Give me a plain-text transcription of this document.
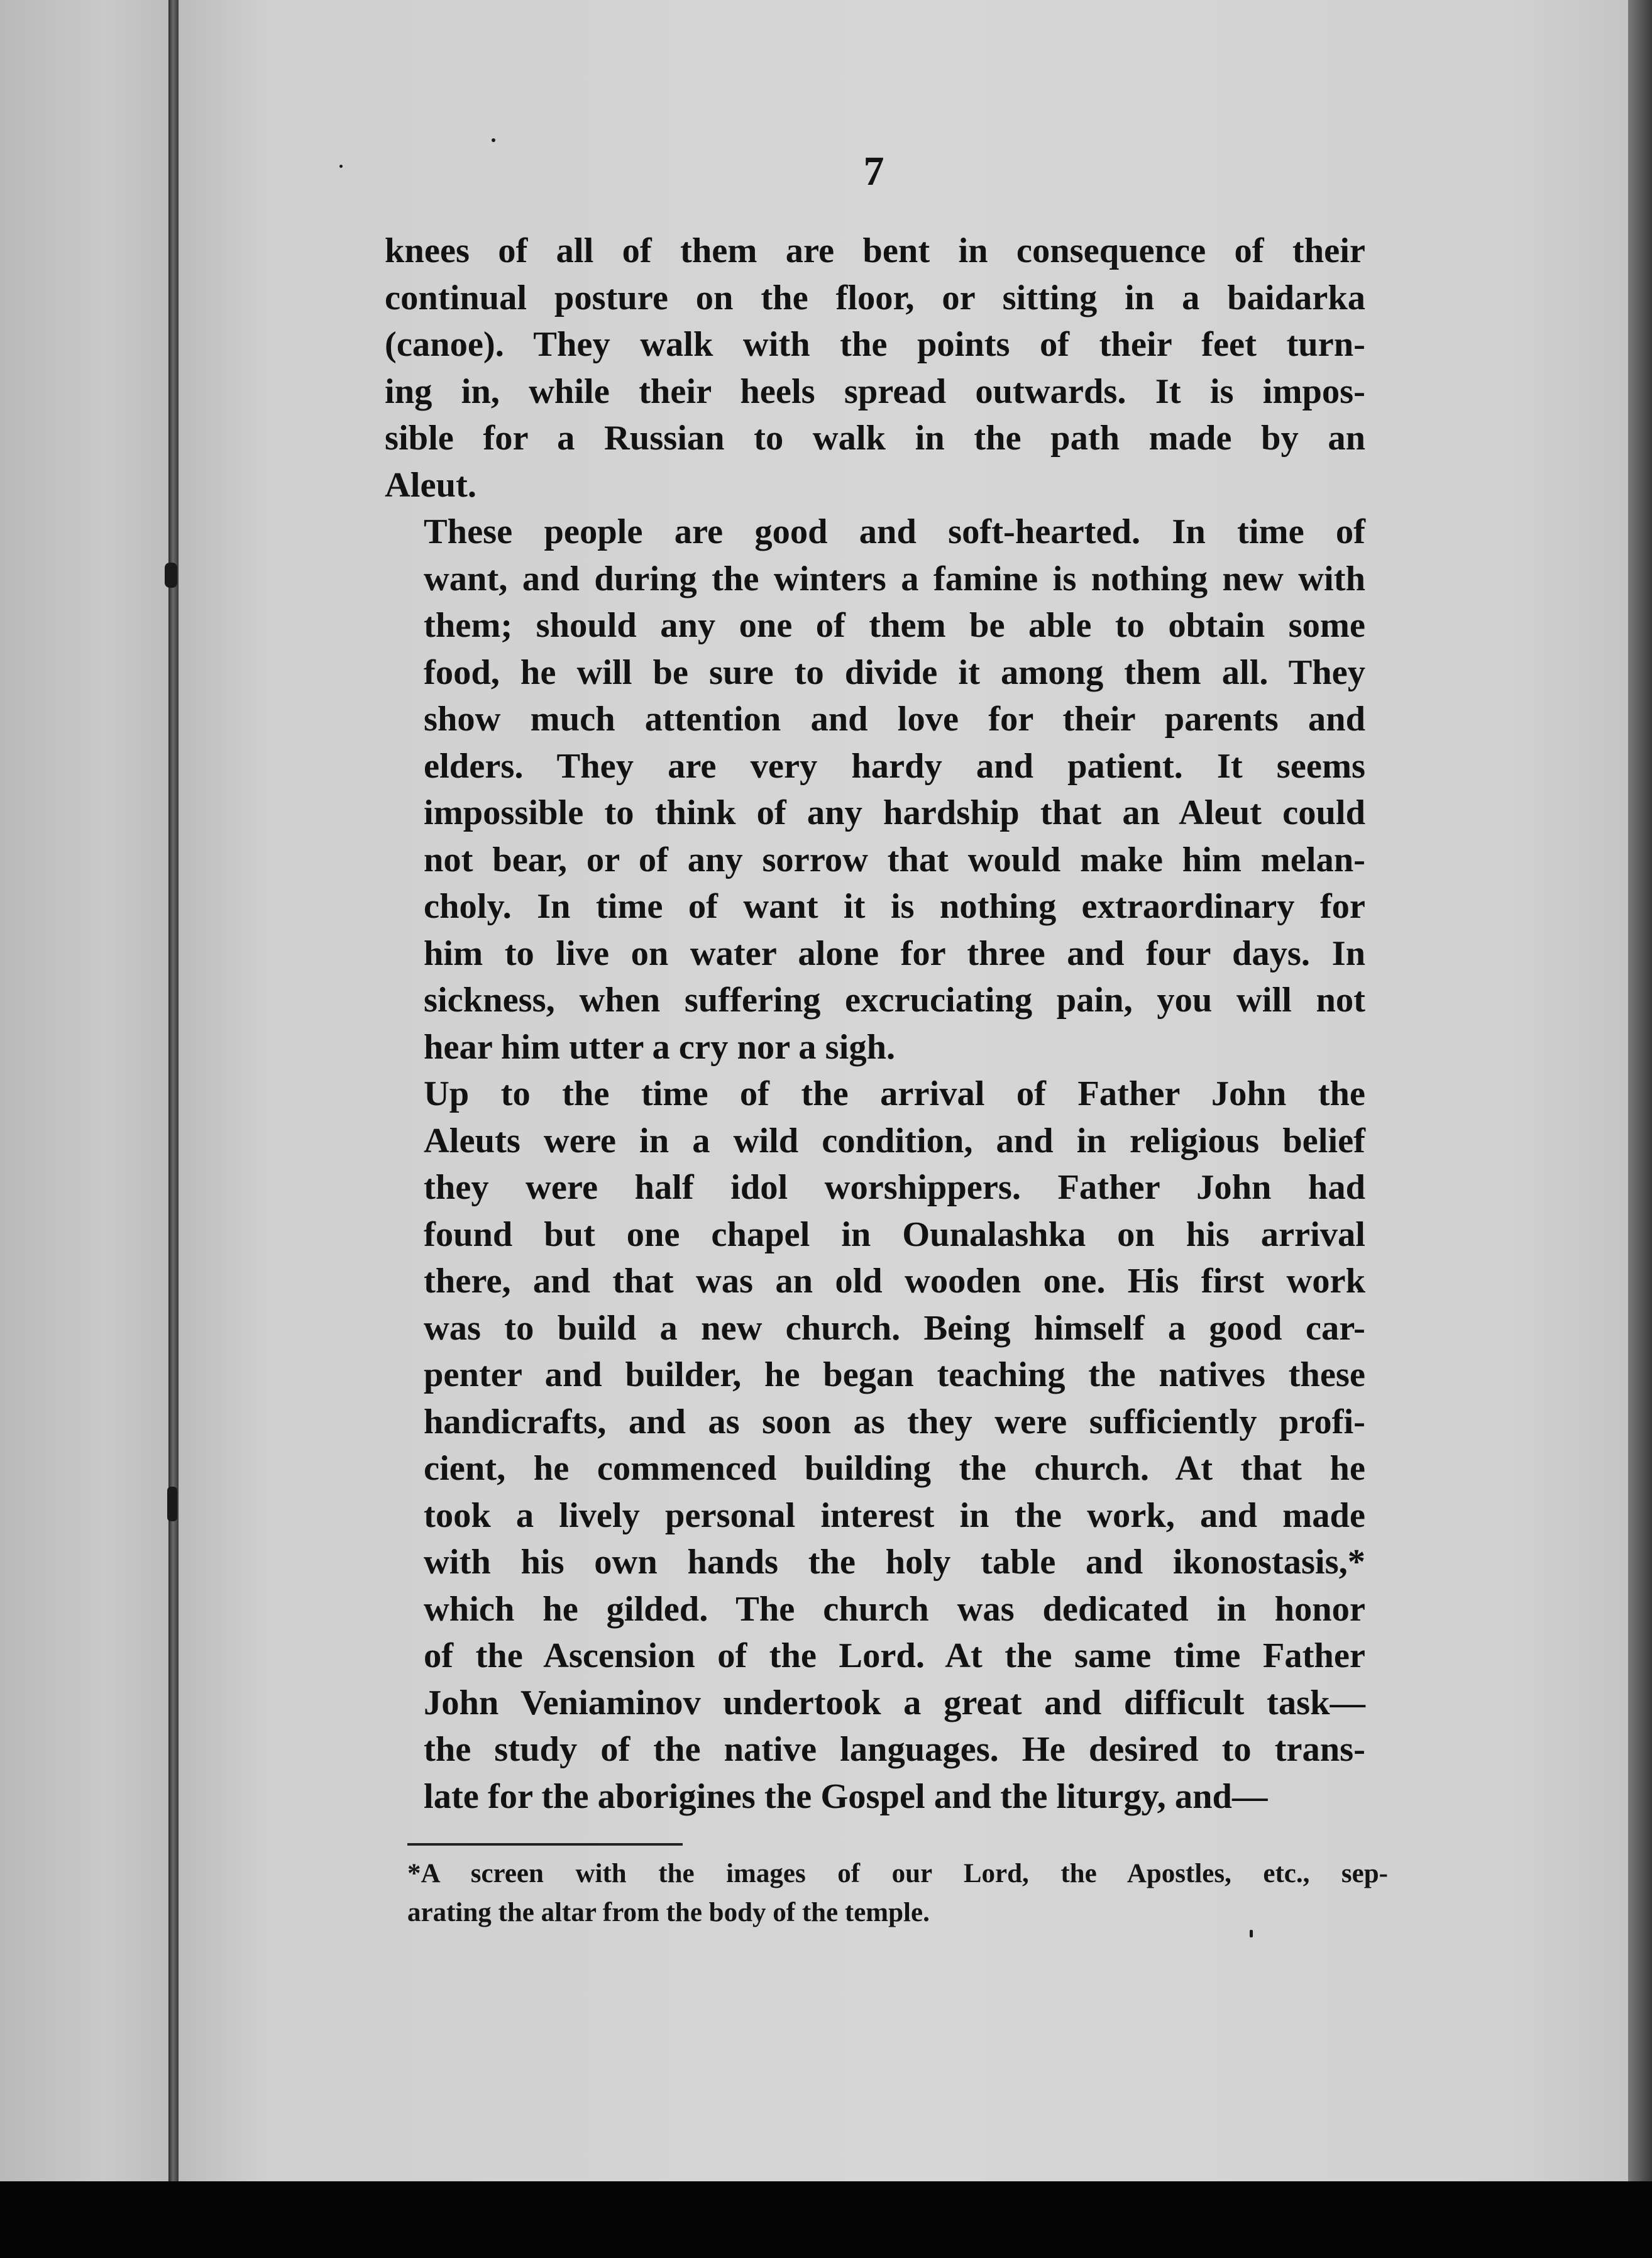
7

knees of all of them are bent in consequence of their
continual posture on the floor, or sitting in a baidarka
(canoe). They walk with the points of their feet turn-
ing in, while their heels spread outwards. It is impos-
sible for a Russian to walk in the path made by an
Aleut.

These people are good and soft-hearted. In time of
want, and during the winters a famine is nothing new with
them; should any one of them be able to obtain some
food, he will be sure to divide it among them all. They
show much attention and love for their parents and
elders. They are very hardy and patient. It seems
impossible to think of any hardship that an Aleut could
not bear, or of any sorrow that would make him melan-
choly. In time of want it is nothing extraordinary for
him to live on water alone for three and four days. In
sickness, when suffering excruciating pain, you will not
hear him utter a cry nor a sigh.

Up to the time of the arrival of Father John the
Aleuts were in a wild condition, and in religious belief
they were half idol worshippers. Father John had
found but one chapel in Ounalashka on his arrival
there, and that was an old wooden one. His first work
was to build a new church. Being himself a good car-
penter and builder, he began teaching the natives these
handicrafts, and as soon as they were sufficiently profi-
cient, he commenced building the church. At that he
took a lively personal interest in the work, and made
with his own hands the holy table and ikonostasis,*
which he gilded. The church was dedicated in honor
of the Ascension of the Lord. At the same time Father
John Veniaminov undertook a great and difficult task—
the study of the native languages. He desired to trans-
late for the aborigines the Gospel and the liturgy, and—

*A screen with the images of our Lord, the Apostles, etc., sep-
arating the altar from the body of the temple.
